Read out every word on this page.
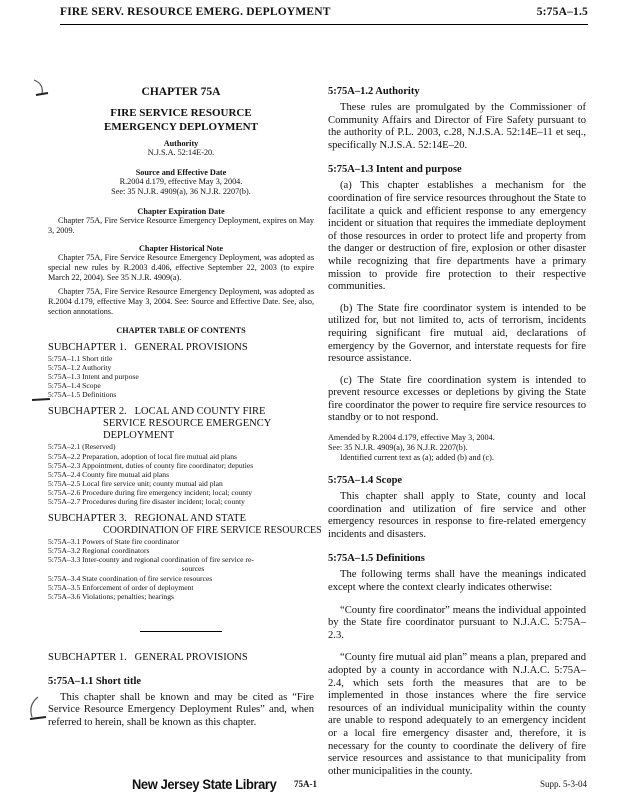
FIRE SERV. RESOURCE EMERG. DEPLOYMENT	5:75A–1.5
CHAPTER 75A
FIRE SERVICE RESOURCE EMERGENCY DEPLOYMENT
Authority
N.J.S.A. 52:14E-20.
Source and Effective Date
R.2004 d.179, effective May 3, 2004.
See: 35 N.J.R. 4909(a), 36 N.J.R. 2207(b).
Chapter Expiration Date

Chapter 75A, Fire Service Resource Emergency Deployment, expires on May 3, 2009.

Chapter Historical Note

Chapter 75A, Fire Service Resource Emergency Deployment, was adopted as special new rules by R.2003 d.406, effective September 22, 2003 (to expire March 22, 2004). See 35 N.J.R. 4909(a).

Chapter 75A, Fire Service Resource Emergency Deployment, was adopted as R.2004 d.179, effective May 3, 2004. See: Source and Effective Date. See, also, section annotations.

CHAPTER TABLE OF CONTENTS
SUBCHAPTER 1. GENERAL PROVISIONS
5:75A–1.1 Short title
5:75A–1.2 Authority
5:75A–1.3 Intent and purpose
5:75A–1.4 Scope
5:75A–1.5 Definitions
SUBCHAPTER 2. LOCAL AND COUNTY FIRE
SERVICE RESOURCE EMERGENCY
DEPLOYMENT
5:75A–2.1 (Reserved)
5:75A–2.2 Preparation, adoption of local fire mutual aid plans
5:75A–2.3 Appointment, duties of county fire coordinator; deputies
5:75A–2.4 County fire mutual aid plans
5:75A–2.5 Local fire service unit; county mutual aid plan
5:75A–2.6 Procedure during fire emergency incident; local; county
5:75A–2.7 Procedures during fire disaster incident; local; county
SUBCHAPTER 3. REGIONAL AND STATE
COORDINATION OF FIRE SERVICE RESOURCES
5:75A–3.1 Powers of State fire coordinator
5:75A–3.2 Regional coordinators
5:75A–3.3 Inter-county and regional coordination of fire service re-
sources
5:75A–3.4 State coordination of fire service resources
5:75A–3.5 Enforcement of order of deployment
5:75A–3.6 Violations; penalties; hearings
SUBCHAPTER 1. GENERAL PROVISIONS
5:75A–1.1 Short title

This chapter shall be known and may be cited as “Fire Service Resource Emergency Deployment Rules” and, when referred to herein, shall be known as this chapter.

5:75A–1.2 Authority

These rules are promulgated by the Commissioner of Community Affairs and Director of Fire Safety pursuant to the authority of P.L. 2003, c.28, N.J.S.A. 52:14E–11 et seq., specifically N.J.S.A. 52:14E–20.

5:75A–1.3 Intent and purpose

(a) This chapter establishes a mechanism for the coordination of fire service resources throughout the State to facilitate a quick and efficient response to any emergency incident or situation that requires the immediate deployment of those resources in order to protect life and property from the danger or destruction of fire, explosion or other disaster while recognizing that fire departments have a primary mission to provide fire protection to their respective communities.

(b) The State fire coordinator system is intended to be utilized for, but not limited to, acts of terrorism, incidents requiring significant fire mutual aid, declarations of emergency by the Governor, and interstate requests for fire resource assistance.

(c) The State fire coordination system is intended to prevent resource excesses or depletions by giving the State fire coordinator the power to require fire service resources to standby or to not respond.

Amended by R.2004 d.179, effective May 3, 2004.
See: 35 N.J.R. 4909(a), 36 N.J.R. 2207(b).
Identified current text as (a); added (b) and (c).
5:75A–1.4 Scope

This chapter shall apply to State, county and local coordination and utilization of fire service and other emergency resources in response to fire-related emergency incidents and disasters.

5:75A–1.5 Definitions

The following terms shall have the meanings indicated except where the context clearly indicates otherwise:

“County fire coordinator” means the individual appointed by the State fire coordinator pursuant to N.J.A.C. 5:75A–2.3.

“County fire mutual aid plan” means a plan, prepared and adopted by a county in accordance with N.J.A.C. 5:75A–2.4, which sets forth the measures that are to be implemented in those instances where the fire service resources of an individual municipality within the county are unable to respond adequately to an emergency incident or a local fire emergency disaster and, therefore, it is necessary for the county to coordinate the delivery of fire service resources and assistance to that municipality from other municipalities in the county.

New Jersey State Library 75A-1	Supp. 5-3-04
